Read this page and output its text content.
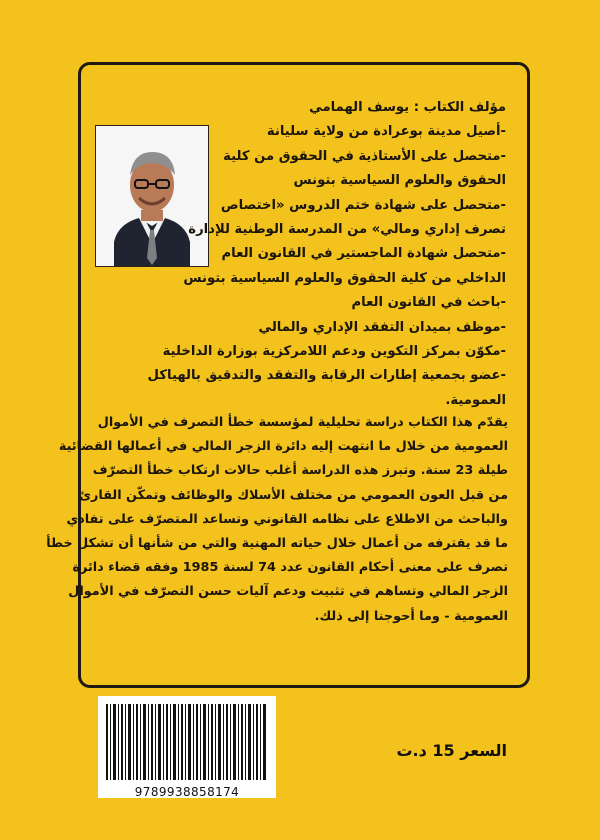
مؤلف الكتاب : يوسف الهمامي
-أصيل مدينة بوعرادة من ولاية سليانة
-متحصل على الأستاذية في الحقوق من كلية
الحقوق والعلوم السياسية بتونس
-متحصل على شهادة ختم الدروس «اختصاص
تصرف إداري ومالي» من المدرسة الوطنية للإدارة
-متحصل شهادة الماجستير في القانون العام
الداخلي من كلية الحقوق والعلوم السياسية بتونس
-باحث في القانون العام
-موظف بميدان التفقد الإداري والمالي
-مكوّن بمركز التكوين ودعم اللامركزية بوزارة الداخلية
-عضو بجمعية إطارات الرقابة والتفقد والتدقيق بالهياكل العمومية.
يقدّم هذا الكتاب دراسة تحليلية لمؤسسة خطأ التصرف في الأموال
العمومية من خلال ما انتهت إليه دائرة الزجر المالي في أعمالها القضائية
طيلة 23 سنة. وتبرز هذه الدراسة أغلب حالات ارتكاب خطأ التصرّف
من قبل العون العمومي من مختلف الأسلاك والوظائف وتمكّن القارئ
والباحث من الاطلاع على نظامه القانوني وتساعد المتصرّف على تفادي
ما قد يقترفه من أعمال خلال حياته المهنية والتي من شأنها أن تشكل خطأ
تصرف على معنى أحكام القانون عدد 74 لسنة 1985 وفقه قضاء دائرة
الزجر المالي وتساهم في تثبيت ودعم آليات حسن التصرّف في الأموال
العمومية - وما أحوجنا إلى ذلك.
9789938858174
السعر 15 د.ت
